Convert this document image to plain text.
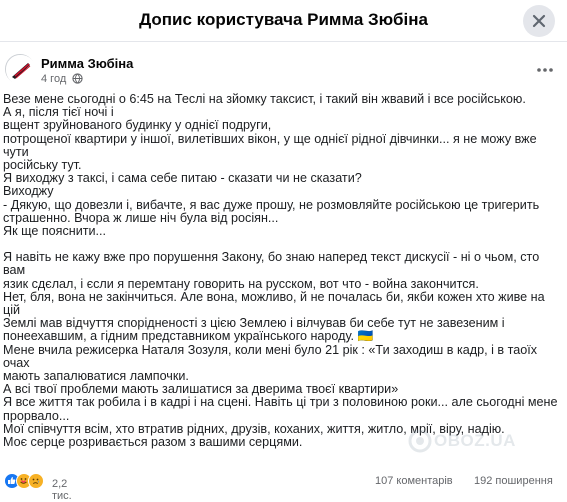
Допис користувача Римма Зюбіна
Римма Зюбіна
4 год

Везе мене сьогодні о 6:45 на Теслі на зйомку таксист, і такий він жвавий і все російською.

А я, після тієї ночі і

вщент зруйнованого будинку у однієї подруги,

потрощеної квартири у іншої, вилетівших вікон, у ще однієї рідної дівчинки... я не можу вже чути

російську тут.

Я виходжу з таксі, і сама себе питаю - сказати чи не сказати?

Виходжу

- Дякую, що довезли і, вибачте, я вас дуже прошу, не розмовляйте російською це тригерить

страшенно. Вчора ж лише ніч була від росіян...

Як ще пояснити...

Я навіть не кажу вже про порушення Закону, бо знаю наперед текст дискусії - ні о чьом, сто вам

язик сдєлал, і єсли я перемтану говорить на русском, вот что - война закончится.

Нет, бля, вона не закінчиться. Але вона, можливо, й не почалась би, якби кожен хто живе на цій

Землі мав відчуття спорідненості з цією Землею і вілчував би себе тут не завезеним і

понеехавшим, а гідним представником українського народу. 🇺🇦

Мене вчила режисерка Наталя Зозуля, коли мені було 21 рік : «Ти заходиш в кадр, і в таоїх очах

мають запалюватися лампочки.

А всі твої проблеми мають залишатися за дверима твоєї квартири»

Я все життя так робила і в кадрі і на сцені. Навіть ці три з половиною роки... але сьогодні мене

прорвало...

Мої співчуття всім, хто втратив рідних, друзів, коханих, життя, житло, мрії, віру, надію.

Моє серце розривається разом з вашими серцями.	OBOZ.UA
2,2 тис.
107 коментарів 192 поширення
